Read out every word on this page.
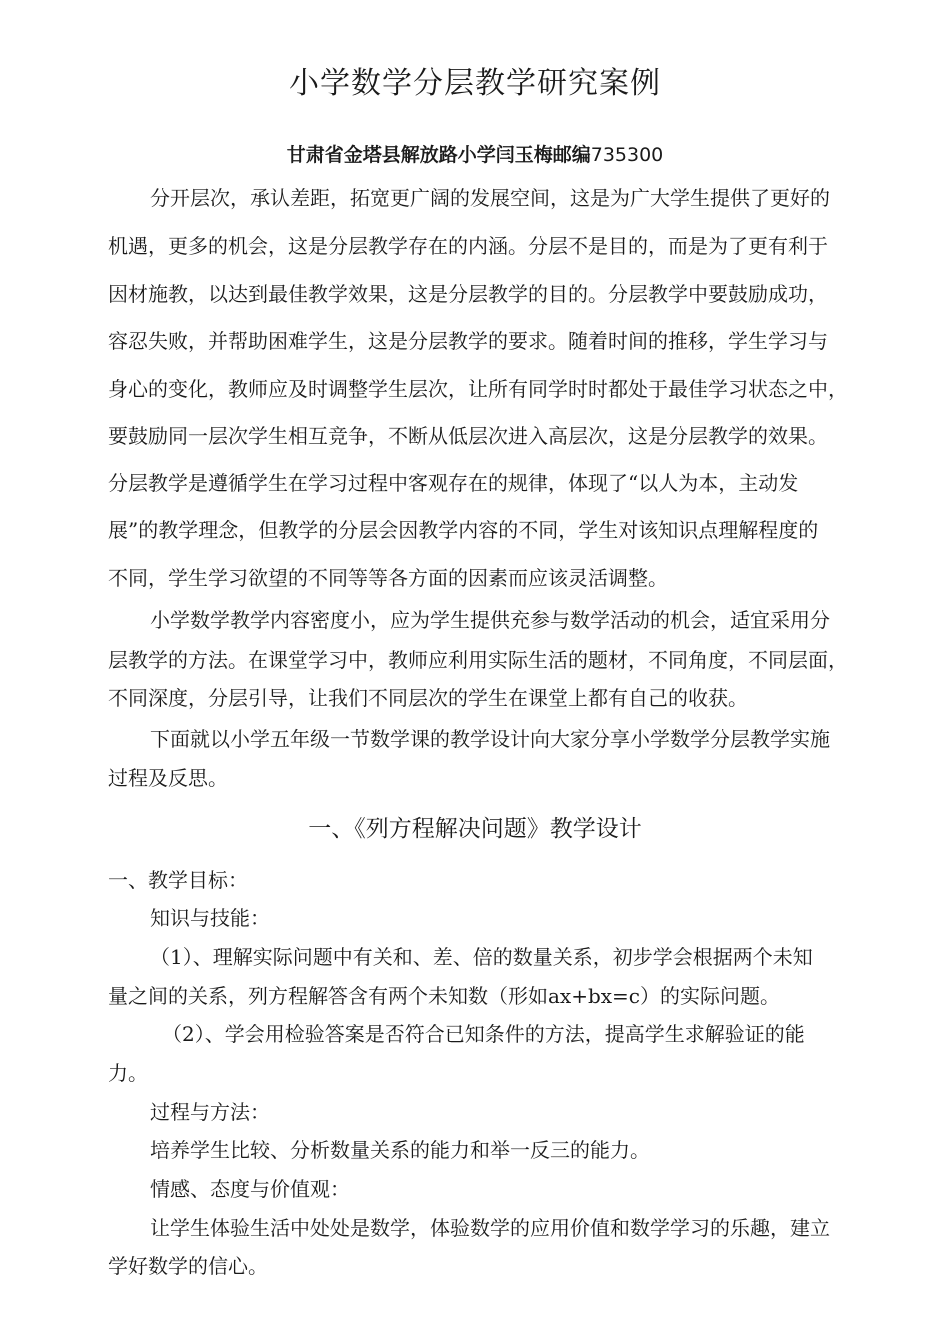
小学数学分层教学研究案例
甘肃省金塔县解放路小学闫玉梅邮编735300
分开层次，承认差距，拓宽更广阔的发展空间，这是为广大学生提供了更好的
机遇，更多的机会，这是分层教学存在的内涵。分层不是目的，而是为了更有利于
因材施教，以达到最佳教学效果，这是分层教学的目的。分层教学中要鼓励成功，
容忍失败，并帮助困难学生，这是分层教学的要求。随着时间的推移，学生学习与
身心的变化，教师应及时调整学生层次，让所有同学时时都处于最佳学习状态之中，
要鼓励同一层次学生相互竞争，不断从低层次进入高层次，这是分层教学的效果。
分层教学是遵循学生在学习过程中客观存在的规律，体现了“以人为本，主动发
展”的教学理念，但教学的分层会因教学内容的不同，学生对该知识点理解程度的
不同，学生学习欲望的不同等等各方面的因素而应该灵活调整。
小学数学教学内容密度小，应为学生提供充参与数学活动的机会，适宜采用分
层教学的方法。在课堂学习中，教师应利用实际生活的题材，不同角度，不同层面，
不同深度，分层引导，让我们不同层次的学生在课堂上都有自己的收获。
下面就以小学五年级一节数学课的教学设计向大家分享小学数学分层教学实施
过程及反思。
一、《列方程解决问题》教学设计
一、教学目标：
知识与技能：
（1）、理解实际问题中有关和、差、倍的数量关系，初步学会根据两个未知
量之间的关系，列方程解答含有两个未知数（形如ax+bx=c）的实际问题。
（2）、学会用检验答案是否符合已知条件的方法，提高学生求解验证的能
力。
过程与方法：
培养学生比较、分析数量关系的能力和举一反三的能力。
情感、态度与价值观：
让学生体验生活中处处是数学，体验数学的应用价值和数学学习的乐趣，建立
学好数学的信心。
